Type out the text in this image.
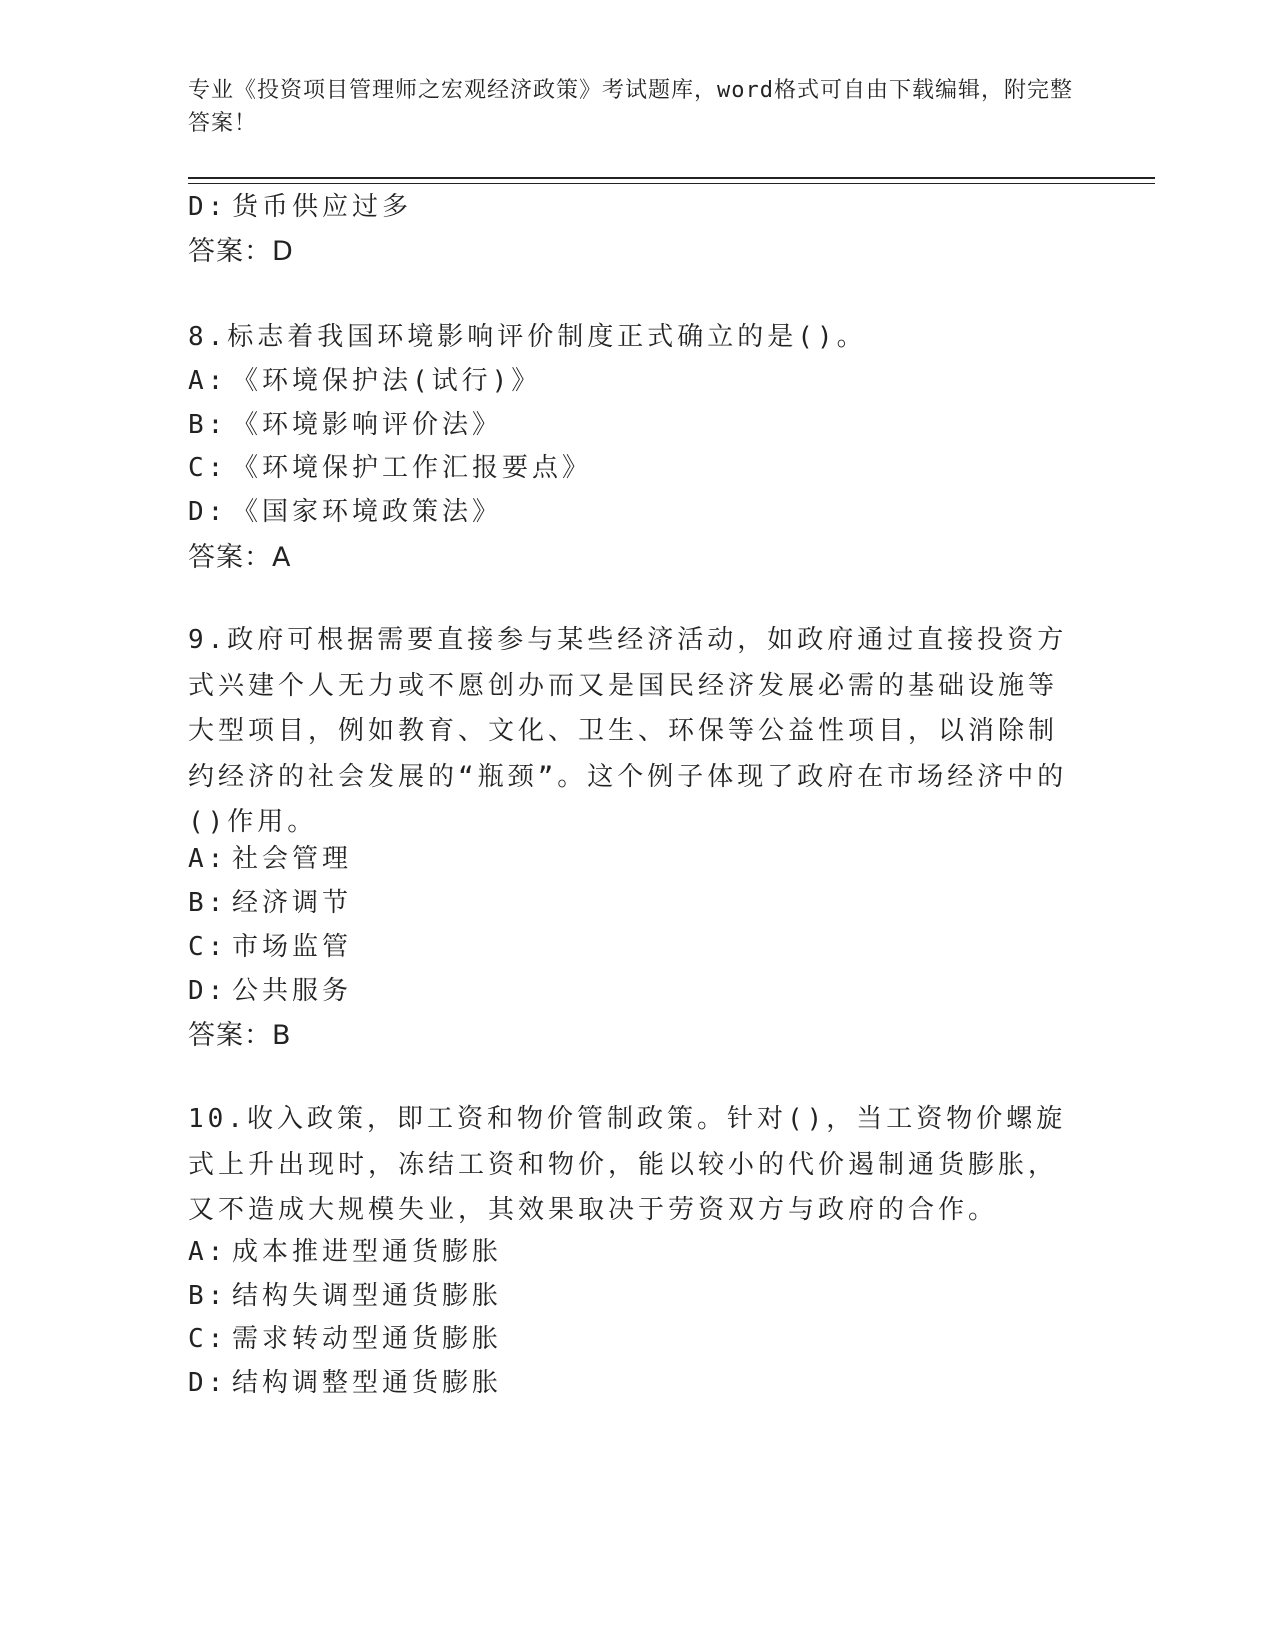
专业《投资项目管理师之宏观经济政策》考试题库，word格式可自由下载编辑，附完整答案！
D: 货币供应过多
答案：D
8.标志着我国环境影响评价制度正式确立的是()。
A: 《环境保护法(试行)》
B: 《环境影响评价法》
C: 《环境保护工作汇报要点》
D: 《国家环境政策法》
答案：A
9.政府可根据需要直接参与某些经济活动，如政府通过直接投资方式兴建个人无力或不愿创办而又是国民经济发展必需的基础设施等大型项目，例如教育、文化、卫生、环保等公益性项目，以消除制约经济的社会发展的“瓶颈”。这个例子体现了政府在市场经济中的()作用。
A: 社会管理
B: 经济调节
C: 市场监管
D: 公共服务
答案：B
10.收入政策，即工资和物价管制政策。针对()，当工资物价螺旋式上升出现时，冻结工资和物价，能以较小的代价遏制通货膨胀，又不造成大规模失业，其效果取决于劳资双方与政府的合作。
A: 成本推进型通货膨胀
B: 结构失调型通货膨胀
C: 需求转动型通货膨胀
D: 结构调整型通货膨胀
